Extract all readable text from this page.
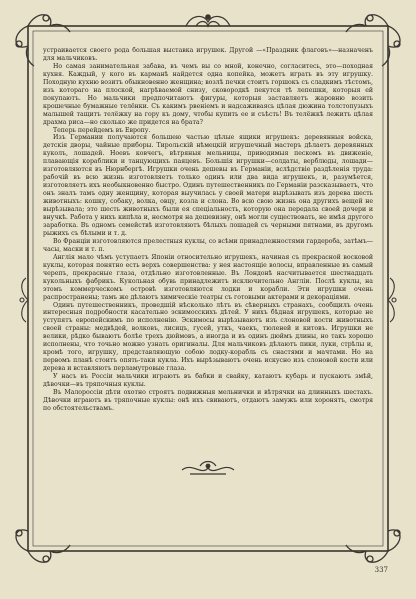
устраивается своего рода большая выставка игрушек. Другой —«Праздник флаговъ»—назначенъ для мальчиковъ.

Но самая занимательная забава, въ чемъ вы со мной, конечно, согласитесь, это—походная кухня. Каждый, у кого въ карманѣ найдется одна копейка, можетъ играть въ эту игрушку. Походную кухню возитъ обыкновенно женщина; возлѣ печки стоитъ горшокъ съ сладкимъ тѣстомъ, изъ котораго на плоской, нагрѣваемой снизу, сковородкѣ пекутся тѣ лепешки, которыя ей покупаютъ. Но мальчики предпочитаютъ фигуры, которыя заставляетъ жаровню возить крошечные бумажные телёнки. Съ какимъ рвеніемъ и надсаживаясь цѣлая дюжина толстопузыхъ малышей тащитъ телёжку на гору къ дому, чтобы купить ее и съѣсть! Въ телёжкѣ лежитъ цѣлая драхма риса—но сколько же придется на брата?

Теперь перейдемъ въ Европу.

Изъ Германии получаются большею частью цѣлые ящики игрушекъ: деревянныя войска, детскія дворы, чайные приборы. Тирольскій нѣмецкій игрушечный мастеръ дѣлаетъ деревянных куколъ, лошадей. Ноевъ ковчегъ, вѣтряныя мельницы, приводимыя пескомъ въ движеніе, плавающія кораблики и танцующихъ паяцевъ. Большія игрушки—солдаты, верблюды, лошади—изготовляются въ Нюрнбергѣ. Игрушки очень дешевы въ Германіи, вслѣдствіе раздѣленія труда: рабочій въ всю жизнь изготовляетъ только одинъ или два вида игрушекъ, и, разумѣется, изготовляетъ ихъ необыкновенно быстро. Одинъ путешественникъ по Германіи разсказываетъ, что онъ зналъ тамъ одну женщину, которая выучилась у своей матери вырѣзывать изъ дерева шесть животныхъ: кошку, собаку, волка, овцу, козла и слона. Во всю свою жизнь она другихъ вещей не вырѣзывала; это шесть животныхъ были ея спеціальность, которую она передала своей дочери и внучкѣ. Работа у нихъ кипѣла и, несмотря на дешевизну, онѣ могли существовать, не имѣя другого заработка. Въ одномъ семействѣ изготовляютъ бѣлыхъ лошадей съ черными пятнами, въ другомъ рыжихъ съ бѣлыми и т. д.

Во Франціи изготовляются прелестныя куклы, со всѣми принадлежностями гардероба, затѣмъ—часы, маски и т. п.

Англія мало чѣмъ уступаетъ Японіи относительно игрушекъ, начиная съ прекрасной восковой куклы, которая понятно есть верхъ совершенства: у нея настоящіе волосы, вправленные въ самый черепъ, прекрасные глаза, отдѣльно изготовленные. Въ Лондонѣ насчитывается шестнадцать кукольныхъ фабрикъ. Кукольная обувь принадлежитъ исключительно Англіи. Послѣ куклы, на этомъ коммерческомъ островѣ изготовляются лодки и корабли. Эти игрушки очень распространены; тамъ же дѣлаютъ химическіе театры съ готовыми актерами и декораціями.

Одинъ путешественникъ, проведшій нѣсколько лѣтъ въ сѣверныхъ странахъ, сообщилъ очень интересныя подробности касательно эскимосскихъ дѣтей. У нихъ бѣдная игрушекъ, которые не уступятъ европейскимъ по исполненію. Эскимосы вырѣзываютъ изъ слоновой кости животныхъ своей страны: медвѣдей, волковъ, лисицъ, гусей, уткъ, чаекъ, тюленей и китовъ. Игрушки не велики, рѣдко бываютъ болѣе трехъ дюймовъ, а иногда и въ одинъ дюймъ длины, но такъ хорошо исполнены, что точьно можно узнать оригиналы. Для мальчиковъ дѣлаютъ пики, луки, стрѣлы и, кромѣ того, игрушку, представляющую собою лодку-корабль съ снастями и мачтами. Но на первомъ планѣ стоитъ опять-таки кукла. Ихъ вырѣзываютъ очень искусно изъ слоновой кости или дерева и вставляютъ перламутровые глаза.

У насъ въ Россіи мальчики играютъ въ бабки и свайку, катаютъ кубарь и пускаютъ змѣй, дѣвочки—въ тряпочныя куклы.

Въ Малороссіи дѣти охотно строятъ подвижныя мельнички и вѣтрячки на длинныхъ шестахъ. Дѣвочки играютъ въ тряпочные куклы: онѣ ихъ свиваютъ, отдаютъ замужъ или хоронятъ, смотря по обстоятельствамъ.

337
